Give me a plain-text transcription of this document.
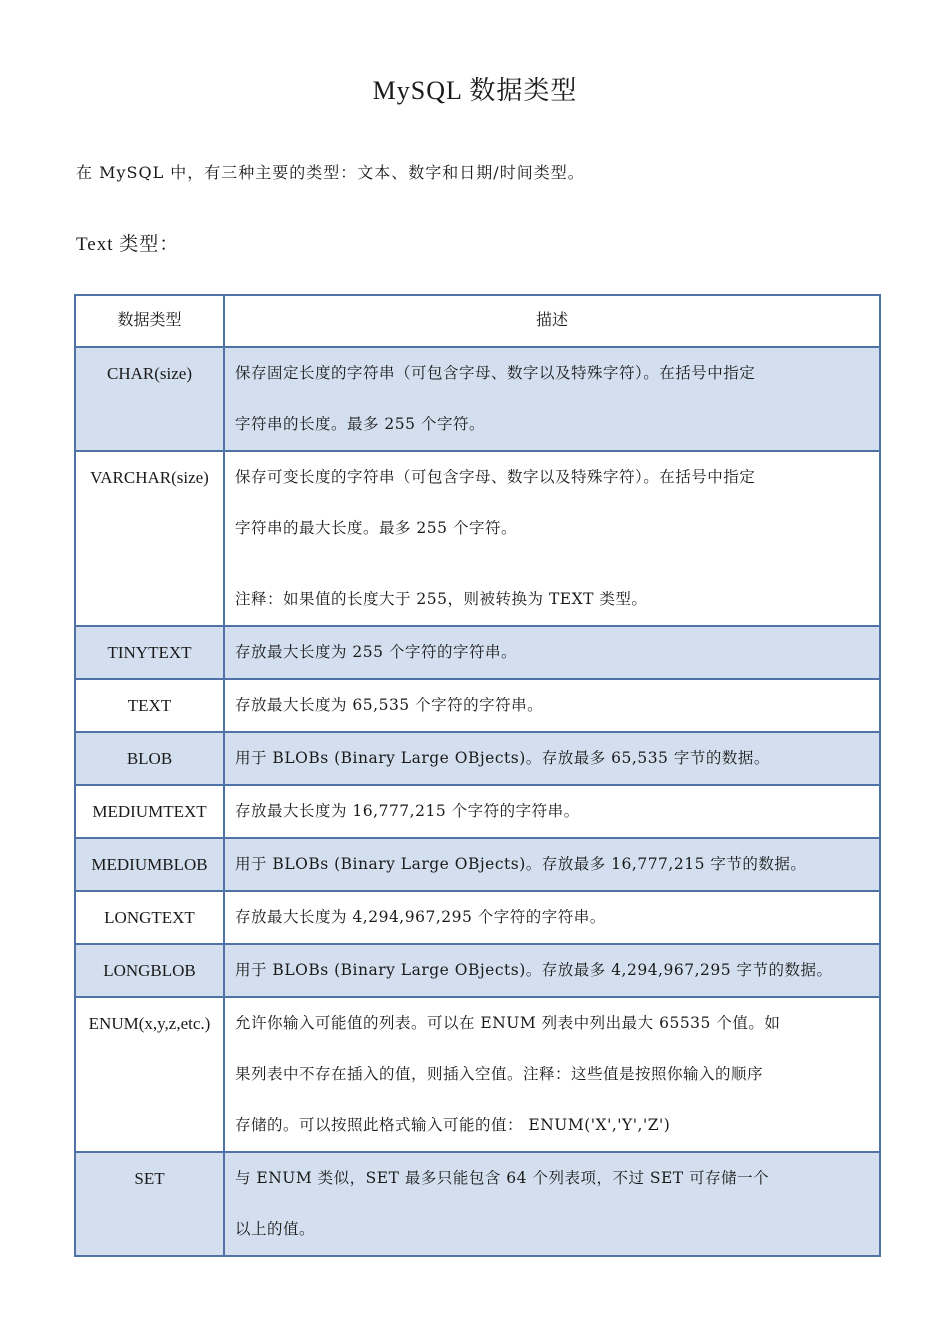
MySQL 数据类型
在 MySQL 中，有三种主要的类型：文本、数字和日期/时间类型。
Text 类型：
数据类型	描述
CHAR(size)	保存固定长度的字符串（可包含字母、数字以及特殊字符）。在括号中指定
字符串的长度。最多 255 个字符。

VARCHAR(size)	保存可变长度的字符串（可包含字母、数字以及特殊字符）。在括号中指定
字符串的最大长度。最多 255 个字符。
注释：如果值的长度大于 255，则被转换为 TEXT 类型。

TINYTEXT	存放最大长度为 255 个字符的字符串。

TEXT	存放最大长度为 65,535 个字符的字符串。

BLOB	用于 BLOBs (Binary Large OBjects)。存放最多 65,535 字节的数据。

MEDIUMTEXT	存放最大长度为 16,777,215 个字符的字符串。

MEDIUMBLOB	用于 BLOBs (Binary Large OBjects)。存放最多 16,777,215 字节的数据。

LONGTEXT	存放最大长度为 4,294,967,295 个字符的字符串。

LONGBLOB	用于 BLOBs (Binary Large OBjects)。存放最多 4,294,967,295 字节的数据。

ENUM(x,y,z,etc.)	允许你输入可能值的列表。可以在 ENUM 列表中列出最大 65535 个值。如
果列表中不存在插入的值，则插入空值。注释：这些值是按照你输入的顺序
存储的。可以按照此格式输入可能的值： ENUM('X','Y','Z')

SET	与 ENUM 类似，SET 最多只能包含 64 个列表项，不过 SET 可存储一个
以上的值。
